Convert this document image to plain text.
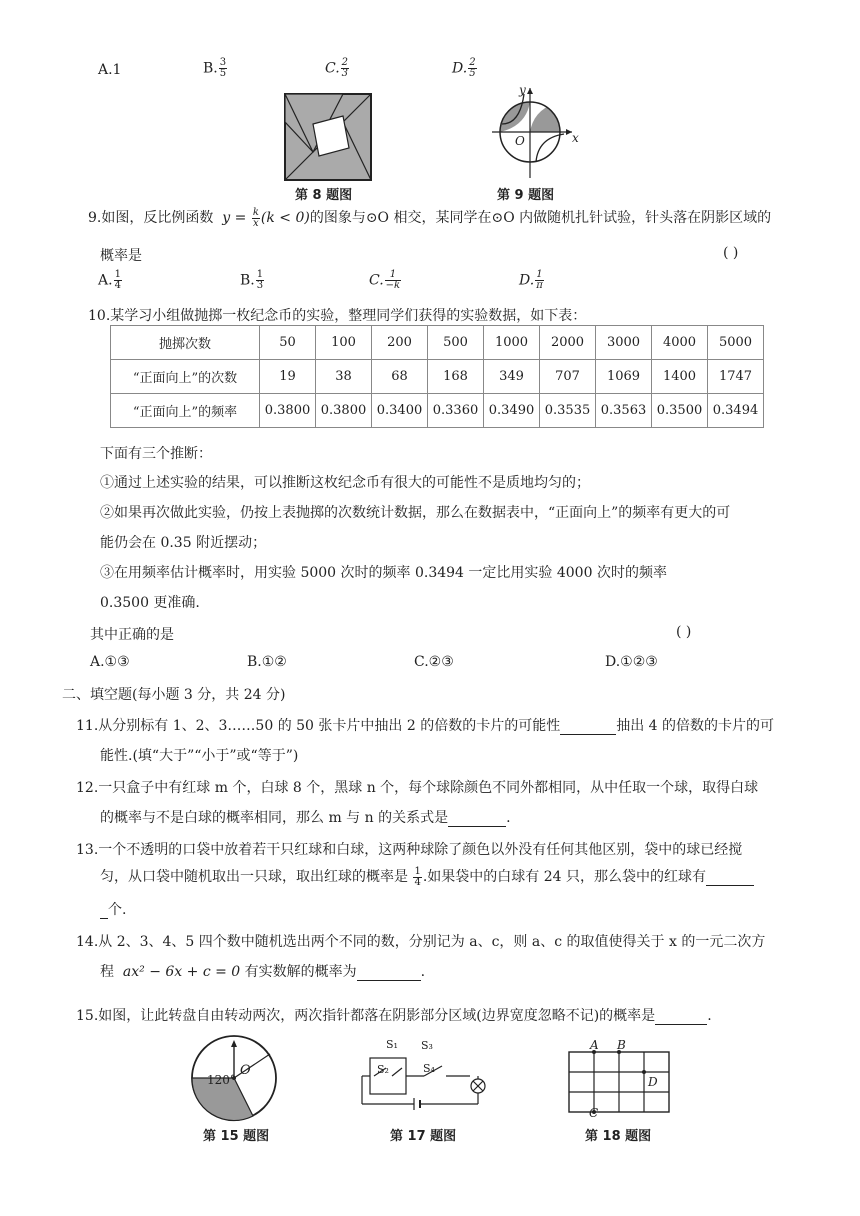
A.1	B. $\frac{3}{5}$	C. $\frac{2}{3}$	D. $\frac{2}{5}$
第 8 题图
y
x
O
第 9 题图
9.如图，反比例函数 $y = \frac{k}{x} (k < 0)$的图象与⊙O 相交，某同学在⊙O 内做随机扎针试验，针头落在阴影区域的
概率是	( )
A. $\frac{1}{4}$	B. $\frac{1}{3}$	C. $\frac{1}{-k}$	D. $\frac{1}{\pi}$
10.某学习小组做抛掷一枚纪念币的实验，整理同学们获得的实验数据，如下表：
抛掷次数	50	100	200	500	1000	2000	3000	4000	5000
“正面向上”的次数	19	38	68	168	349	707	1069	1400	1747
“正面向上”的频率	0.3800	0.3800	0.3400	0.3360	0.3490	0.3535	0.3563	0.3500	0.3494
下面有三个推断：
①通过上述实验的结果，可以推断这枚纪念币有很大的可能性不是质地均匀的；
②如果再次做此实验，仍按上表抛掷的次数统计数据，那么在数据表中，“正面向上”的频率有更大的可
能仍会在 0.35 附近摆动；
③在用频率估计概率时，用实验 5000 次时的频率 0.3494 一定比用实验 4000 次时的频率
0.3500 更准确.
其中正确的是	( )
A.①③	B.①②	C.②③	D.①②③
二、填空题(每小题 3 分，共 24 分)
11.从分别标有 1、2、3……50 的 50 张卡片中抽出 2 的倍数的卡片的可能性	抽出 4 的倍数的卡片的可
能性.(填“大于”“小于”或“等于”)
12.一只盒子中有红球 m 个，白球 8 个，黑球 n 个，每个球除颜色不同外都相同，从中任取一个球，取得白球
的概率与不是白球的概率相同，那么 m 与 n 的关系式是	.
13.一个不透明的口袋中放着若干只红球和白球，这两种球除了颜色以外没有任何其他区别，袋中的球已经搅
匀，从口袋中随机取出一只球，取出红球的概率是 $\frac{1}{4}$ .如果袋中的白球有 24 只，那么袋中的红球有
个.
14.从 2、3、4、5 四个数中随机选出两个不同的数，分别记为 a、c，则 a、c 的取值使得关于 x 的一元二次方
程 ax² − 6x + c = 0 有实数解的概率为	.
15.如图，让此转盘自由转动两次，两次指针都落在阴影部分区域(边界宽度忽略不记)的概率是	.
120°
O
第 15 题图
S₁
S₂
S₃
S₄
第 17 题图
A B
C
D
第 18 题图
